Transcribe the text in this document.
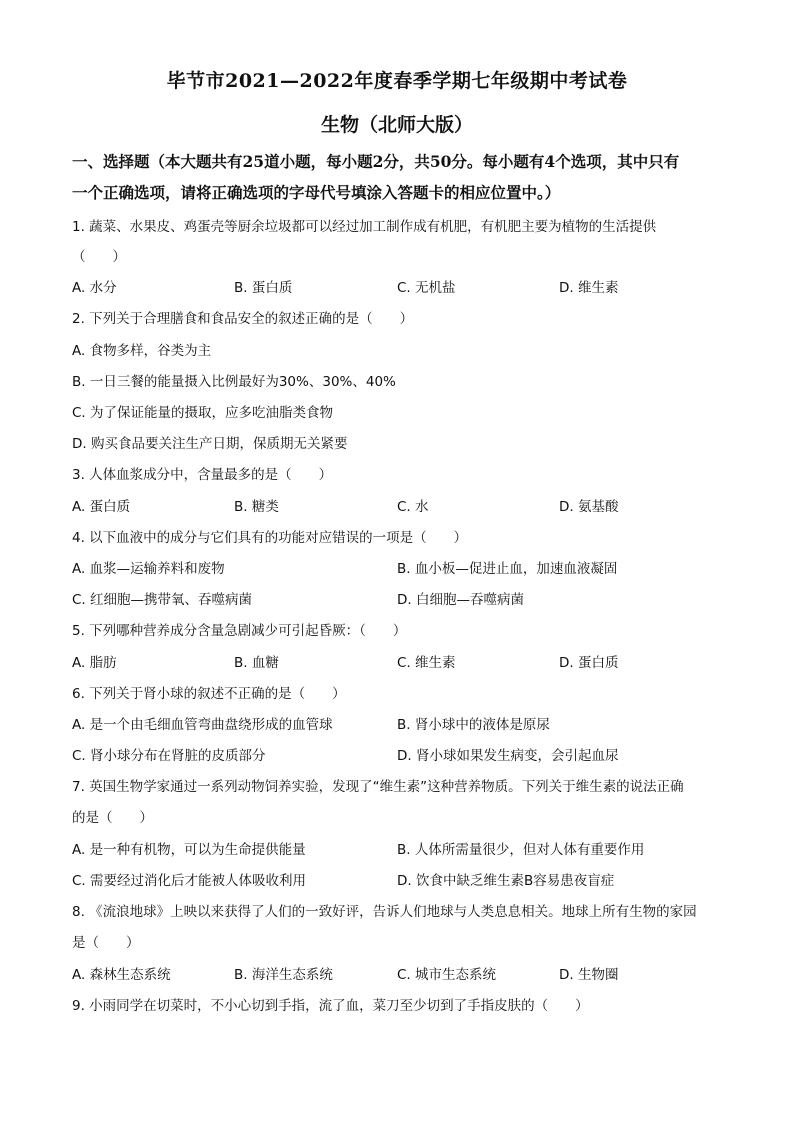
毕节市2021—2022年度春季学期七年级期中考试卷
生物（北师大版）
一、选择题（本大题共有25道小题，每小题2分，共50分。每小题有4个选项，其中只有
一个正确选项，请将正确选项的字母代号填涂入答题卡的相应位置中。）
1. 蔬菜、水果皮、鸡蛋壳等厨余垃圾都可以经过加工制作成有机肥，有机肥主要为植物的生活提供
（　　）
A. 水分	B. 蛋白质	C. 无机盐	D. 维生素
2. 下列关于合理膳食和食品安全的叙述正确的是（　　）
A. 食物多样，谷类为主
B. 一日三餐的能量摄入比例最好为30%、30%、40%
C. 为了保证能量的摄取，应多吃油脂类食物
D. 购买食品要关注生产日期，保质期无关紧要
3. 人体血浆成分中，含量最多的是（　　）
A. 蛋白质	B. 糖类	C. 水	D. 氨基酸
4. 以下血液中的成分与它们具有的功能对应错误的一项是（　　）
A. 血浆—运输养料和废物	B. 血小板—促进止血，加速血液凝固
C. 红细胞—携带氧、吞噬病菌	D. 白细胞—吞噬病菌
5. 下列哪种营养成分含量急剧减少可引起昏厥：（　　）
A. 脂肪	B. 血糖	C. 维生素	D. 蛋白质
6. 下列关于肾小球的叙述不正确的是（　　）
A. 是一个由毛细血管弯曲盘绕形成的血管球	B. 肾小球中的液体是原尿
C. 肾小球分布在肾脏的皮质部分	D. 肾小球如果发生病变，会引起血尿
7. 英国生物学家通过一系列动物饲养实验，发现了“维生素”这种营养物质。下列关于维生素的说法正确
的是（　　）
A. 是一种有机物，可以为生命提供能量	B. 人体所需量很少，但对人体有重要作用
C. 需要经过消化后才能被人体吸收利用	D. 饮食中缺乏维生素B容易患夜盲症
8. 《流浪地球》上映以来获得了人们的一致好评，告诉人们地球与人类息息相关。地球上所有生物的家园
是（　　）
A. 森林生态系统	B. 海洋生态系统	C. 城市生态系统	D. 生物圈
9. 小雨同学在切菜时，不小心切到手指，流了血，菜刀至少切到了手指皮肤的（　　）
